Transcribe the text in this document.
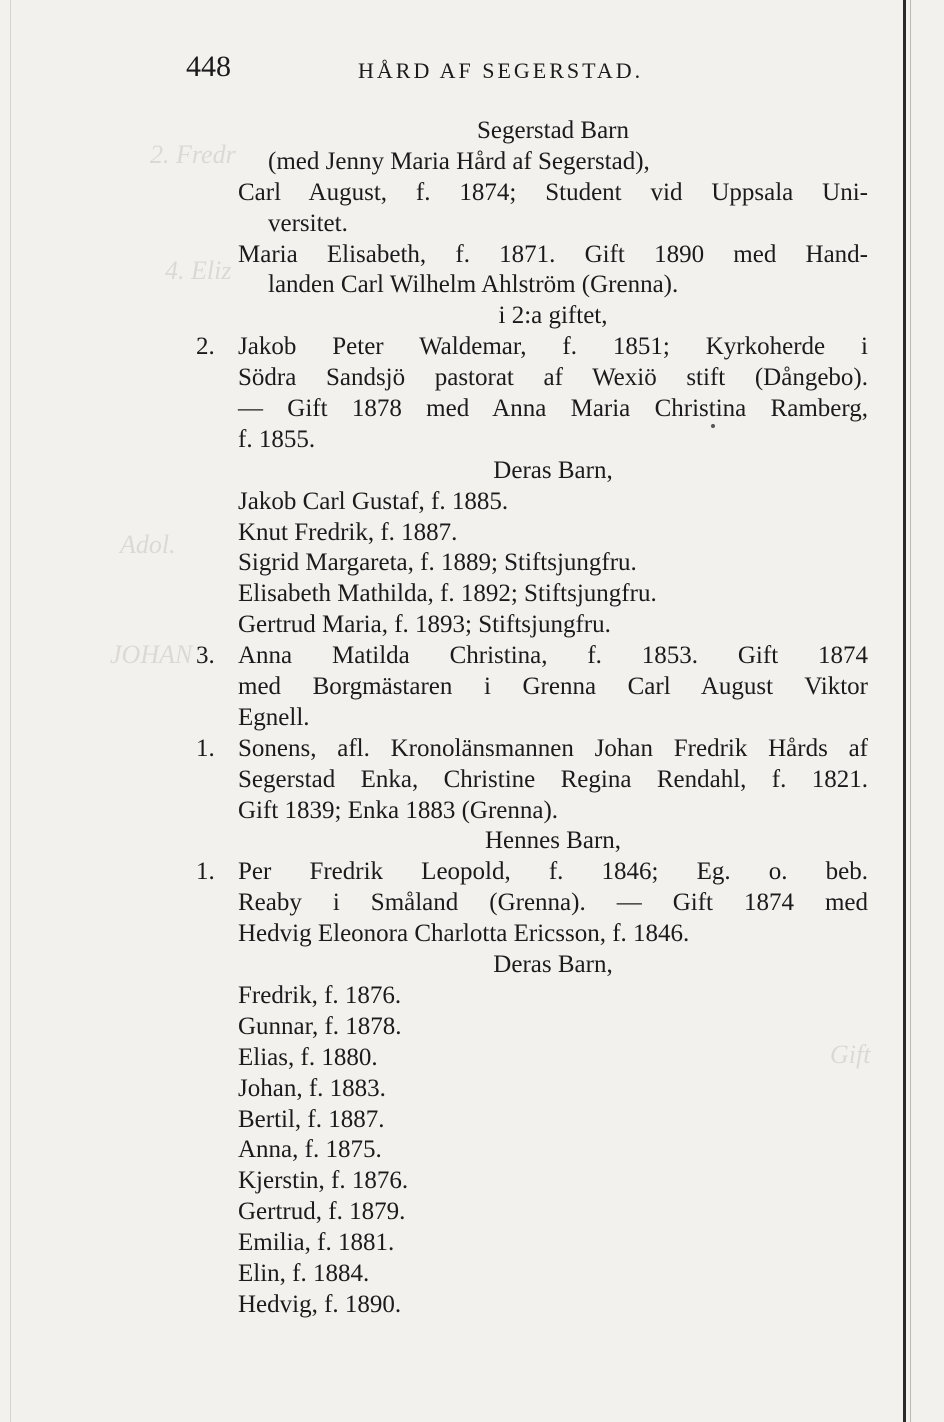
2. Fredr
4. Eliz
Adol.
JOHAN
Gift
448	HÅRD AF SEGERSTAD.
Segerstad Barn
(med Jenny Maria Hård af Segerstad),
Carl August, f. 1874; Student vid Uppsala Uni-
versitet.
Maria Elisabeth, f. 1871. Gift 1890 med Hand-
landen Carl Wilhelm Ahlström (Grenna).
i 2:a giftet,
2. Jakob Peter Waldemar, f. 1851; Kyrkoherde i
Södra Sandsjö pastorat af Wexiö stift (Dångebo).
— Gift 1878 med Anna Maria Christina Ramberg,
f. 1855.
Deras Barn,
Jakob Carl Gustaf, f. 1885.
Knut Fredrik, f. 1887.
Sigrid Margareta, f. 1889; Stiftsjungfru.
Elisabeth Mathilda, f. 1892; Stiftsjungfru.
Gertrud Maria, f. 1893; Stiftsjungfru.
3. Anna Matilda Christina, f. 1853. Gift 1874
med Borgmästaren i Grenna Carl August Viktor
Egnell.
1. Sonens, afl. Kronolänsmannen Johan Fredrik Hårds af
Segerstad Enka, Christine Regina Rendahl, f. 1821.
Gift 1839; Enka 1883 (Grenna).
Hennes Barn,
1. Per Fredrik Leopold, f. 1846; Eg. o. beb.
Reaby i Småland (Grenna). — Gift 1874 med
Hedvig Eleonora Charlotta Ericsson, f. 1846.
Deras Barn,
Fredrik, f. 1876.
Gunnar, f. 1878.
Elias, f. 1880.
Johan, f. 1883.
Bertil, f. 1887.
Anna, f. 1875.
Kjerstin, f. 1876.
Gertrud, f. 1879.
Emilia, f. 1881.
Elin, f. 1884.
Hedvig, f. 1890.
